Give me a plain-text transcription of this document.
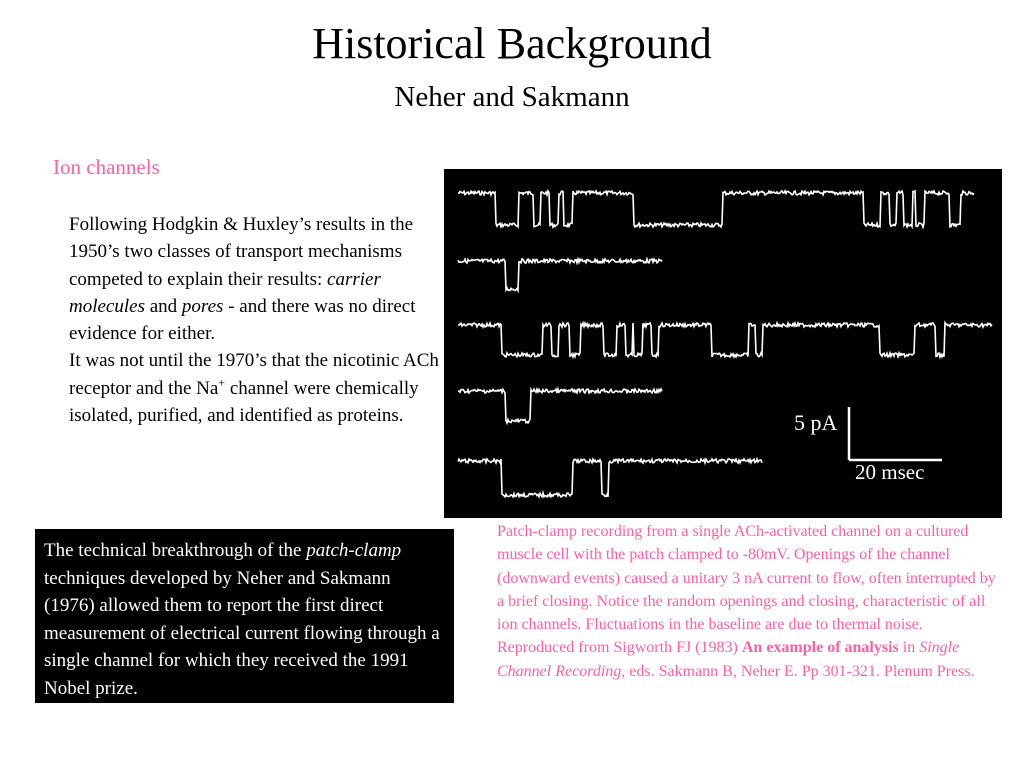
Historical Background
Neher and Sakmann
Ion channels

Following Hodgkin & Huxley’s results in the 1950’s two classes of transport mechanisms competed to explain their results: carrier molecules and pores - and there was no direct evidence for either.

It was not until the 1970’s that the nicotinic ACh receptor and the Na+ channel were chemically isolated, purified, and identified as proteins.	5 pA
20 msec
The technical breakthrough of the patch-clamp techniques developed by Neher and Sakmann (1976) allowed them to report the first direct measurement of electrical current flowing through a single channel for which they received the 1991 Nobel prize.
Patch-clamp recording from a single ACh-activated channel on a cultured muscle cell with the patch clamped to -80mV. Openings of the channel (downward events) caused a unitary 3 nA current to flow, often interrupted by a brief closing. Notice the random openings and closing, characteristic of all ion channels. Fluctuations in the baseline are due to thermal noise. Reproduced from Sigworth FJ (1983) An example of analysis in Single Channel Recording, eds. Sakmann B, Neher E. Pp 301-321. Plenum Press.
